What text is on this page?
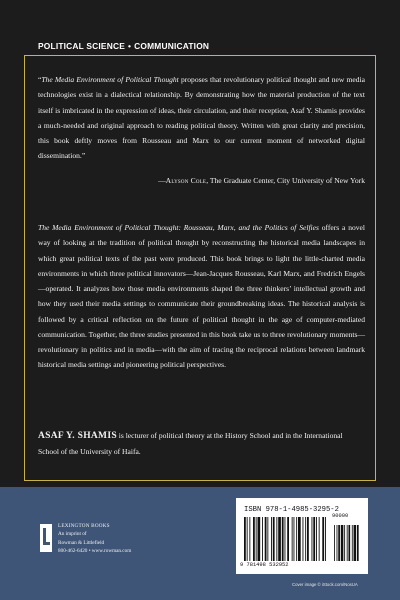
POLITICAL SCIENCE • COMMUNICATION

“The Media Environment of Political Thought proposes that revolutionary political thought and new media technologies exist in a dialectical relationship. By demonstrating how the material production of the text itself is imbricated in the expression of ideas, their circulation, and their reception, Asaf Y. Shamis provides a much-needed and original approach to reading political theory. Written with great clarity and precision, this book deftly moves from Rousseau and Marx to our current moment of networked digital dissemination.”

—Alyson Cole, The Graduate Center, City University of New York

The Media Environment of Political Thought: Rousseau, Marx, and the Politics of Selfies offers a novel way of looking at the tradition of political thought by reconstructing the historical media landscapes in which great political texts of the past were produced. This book brings to light the little-charted media environments in which three political innovators—Jean-Jacques Rousseau, Karl Marx, and Fredrich Engels—operated. It analyzes how those media environments shaped the three thinkers’ intellectual growth and how they used their media settings to communicate their groundbreaking ideas. The historical analysis is followed by a critical reflection on the future of political thought in the age of computer-mediated communication. Together, the three studies presented in this book take us to three revolutionary moments—revolutionary in politics and in media—with the aim of tracing the reciprocal relations between landmark historical media settings and pioneering political perspectives.

ASAF Y. SHAMIS is lecturer of political theory at the History School and in the International School of the University of Haifa.

LEXINGTON BOOKS
An imprint of
Rowman & Littlefield
800-462-6420 • www.rowman.com
ISBN 978-1-4985-3295-2
90000
9 781498 532952
Cover image © iStock.com/NosUA
